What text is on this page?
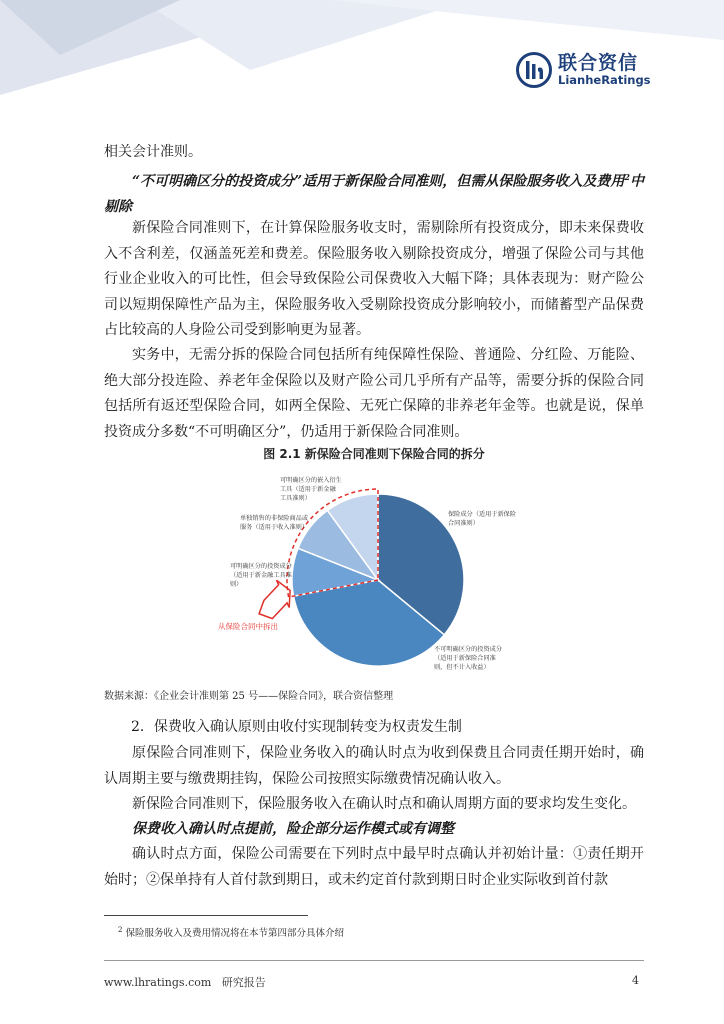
联合资信
LianheRatings
相关会计准则。
“不可明确区分的投资成分”适用于新保险合同准则，但需从保险服务收入及费用$^2$中剔除
新保险合同准则下，在计算保险服务收支时，需剔除所有投资成分，即未来保费收入不含利差，仅涵盖死差和费差。保险服务收入剔除投资成分，增强了保险公司与其他行业企业收入的可比性，但会导致保险公司保费收入大幅下降；具体表现为：财产险公司以短期保障性产品为主，保险服务收入受剔除投资成分影响较小，而储蓄型产品保费占比较高的人身险公司受到影响更为显著。
实务中，无需分拆的保险合同包括所有纯保障性保险、普通险、分红险、万能险、绝大部分投连险、养老年金保险以及财产险公司几乎所有产品等，需要分拆的保险合同包括所有返还型保险合同，如两全保险、无死亡保障的非养老年金等。也就是说，保单投资成分多数“不可明确区分”，仍适用于新保险合同准则。
图 2.1 新保险合同准则下保险合同的拆分
保险成分（适用于新保险
合同准则）
不可明确区分的投资成分
（适用于新保险合同准
则，但不计入收益）
可明确区分的投资成分
（适用于新金融工具准
则）
单独销售的非保险商品或
服务（适用于收入准则）
可明确区分的嵌入衍生
工具（适用于新金融
工具准则）
从保险合同中拆出
数据来源：《企业会计准则第 25 号——保险合同》，联合资信整理
2．保费收入确认原则由收付实现制转变为权责发生制
原保险合同准则下，保险业务收入的确认时点为收到保费且合同责任期开始时，确认周期主要与缴费期挂钩，保险公司按照实际缴费情况确认收入。
新保险合同准则下，保险服务收入在确认时点和确认周期方面的要求均发生变化。
保费收入确认时点提前，险企部分运作模式或有调整
确认时点方面，保险公司需要在下列时点中最早时点确认并初始计量：①责任期开始时；②保单持有人首付款到期日，或未约定首付款到期日时企业实际收到首付款
$^2$ 保险服务收入及费用情况将在本节第四部分具体介绍
www.lhratings.com 研究报告	4
